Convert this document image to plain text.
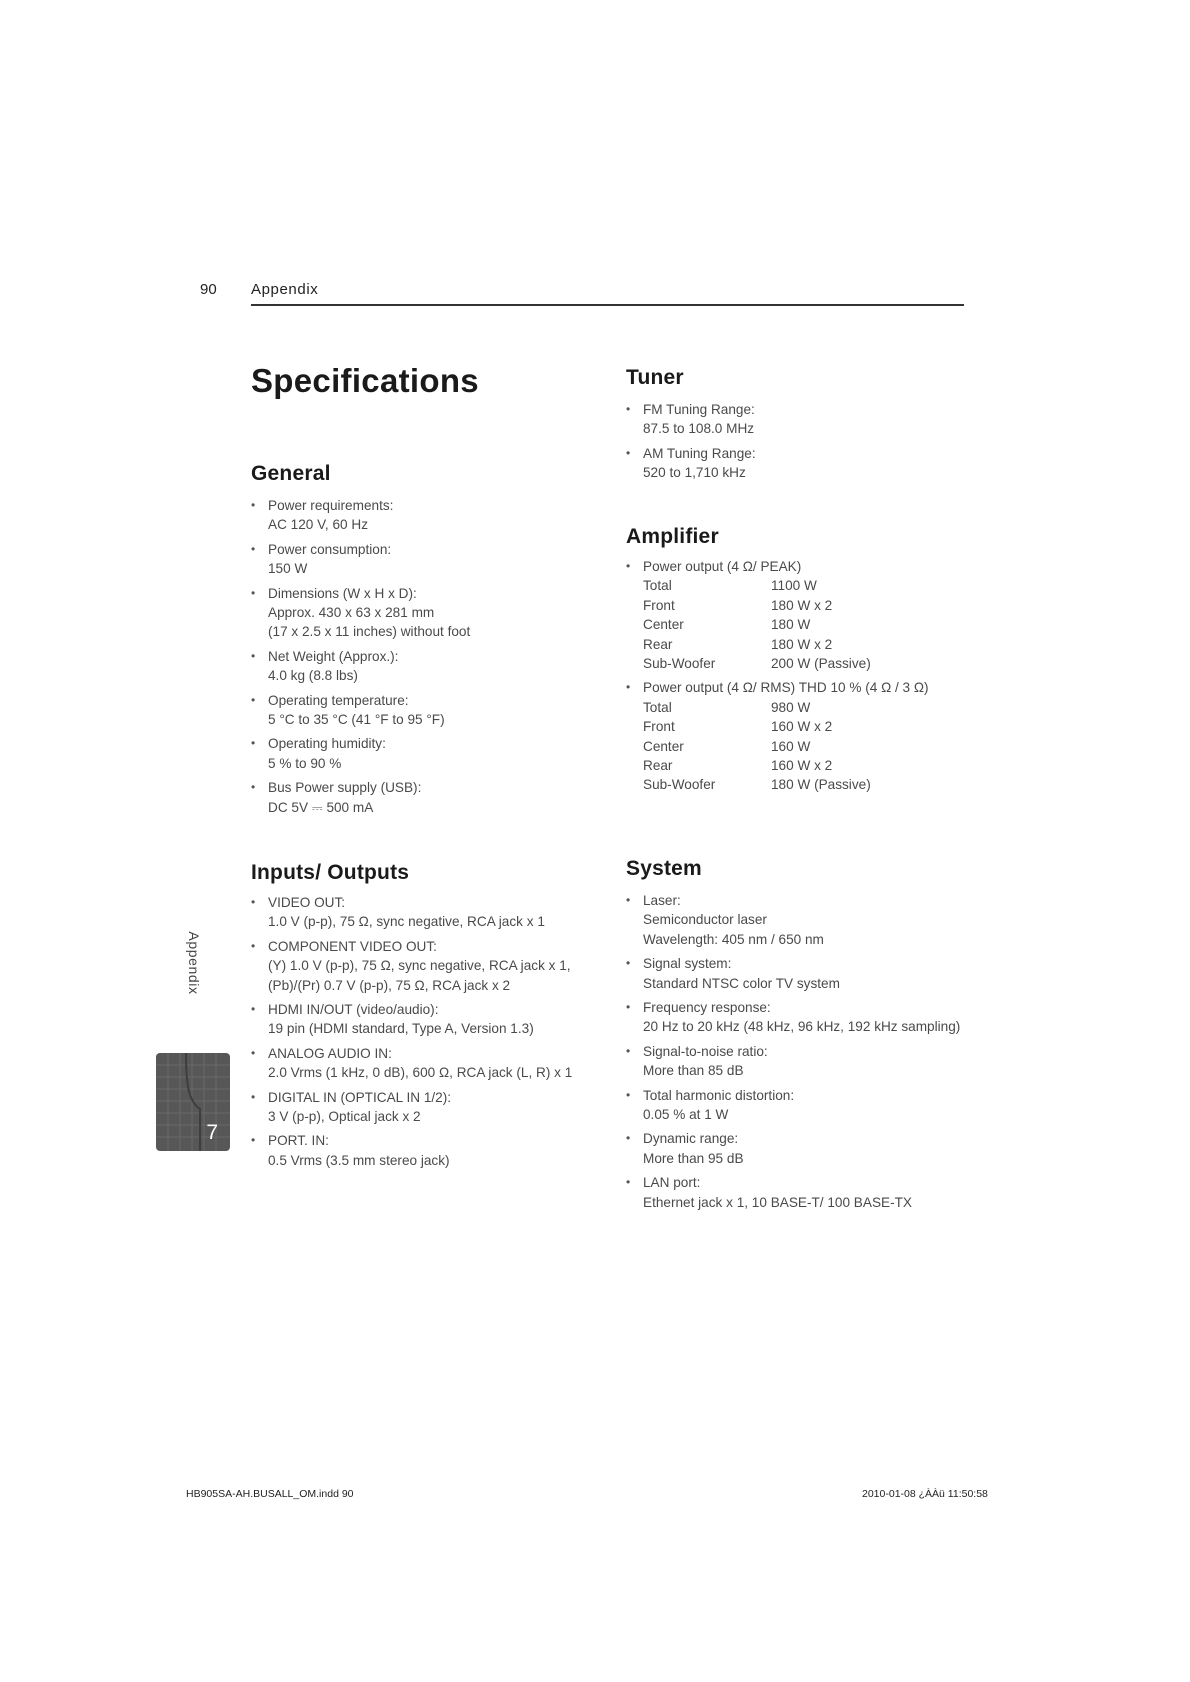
90 Appendix
Specifications
General
• Power requirements:
AC 120 V, 60 Hz
• Power consumption:
150 W
• Dimensions (W x H x D):
Approx. 430 x 63 x 281 mm
(17 x 2.5 x 11 inches) without foot
• Net Weight (Approx.):
4.0 kg (8.8 lbs)
• Operating temperature:
5 °C to 35 °C (41 °F to 95 °F)
• Operating humidity:
5 % to 90 %
• Bus Power supply (USB):
DC 5V ⎓ 500 mA
Inputs/ Outputs
• VIDEO OUT:
1.0 V (p-p), 75 Ω, sync negative, RCA jack x 1
• COMPONENT VIDEO OUT:
(Y) 1.0 V (p-p), 75 Ω, sync negative, RCA jack x 1,
(Pb)/(Pr) 0.7 V (p-p), 75 Ω, RCA jack x 2
• HDMI IN/OUT (video/audio):
19 pin (HDMI standard, Type A, Version 1.3)
• ANALOG AUDIO IN:
2.0 Vrms (1 kHz, 0 dB), 600 Ω, RCA jack (L, R) x 1
• DIGITAL IN (OPTICAL IN 1/2):
3 V (p-p), Optical jack x 2
• PORT. IN:
0.5 Vrms (3.5 mm stereo jack)
Tuner
• FM Tuning Range:
87.5 to 108.0 MHz
• AM Tuning Range:
520 to 1,710 kHz
Amplifier
• Power output (4 Ω/ PEAK)
Total	1100 W
Front	180 W x 2
Center	180 W
Rear	180 W x 2
Sub-Woofer	200 W (Passive)
• Power output (4 Ω/ RMS) THD 10 % (4 Ω / 3 Ω)
Total	980 W
Front	160 W x 2
Center	160 W
Rear	160 W x 2
Sub-Woofer	180 W (Passive)
System
• Laser:
Semiconductor laser
Wavelength: 405 nm / 650 nm
• Signal system:
Standard NTSC color TV system
• Frequency response:
20 Hz to 20 kHz (48 kHz, 96 kHz, 192 kHz sampling)
• Signal-to-noise ratio:
More than 85 dB
• Total harmonic distortion:
0.05 % at 1 W
• Dynamic range:
More than 95 dB
• LAN port:
Ethernet jack x 1, 10 BASE-T/ 100 BASE-TX
Appendix
7
HB905SA-AH.BUSALL_OM.indd 90	2010-01-08 ¿ÀÀü 11:50:58
